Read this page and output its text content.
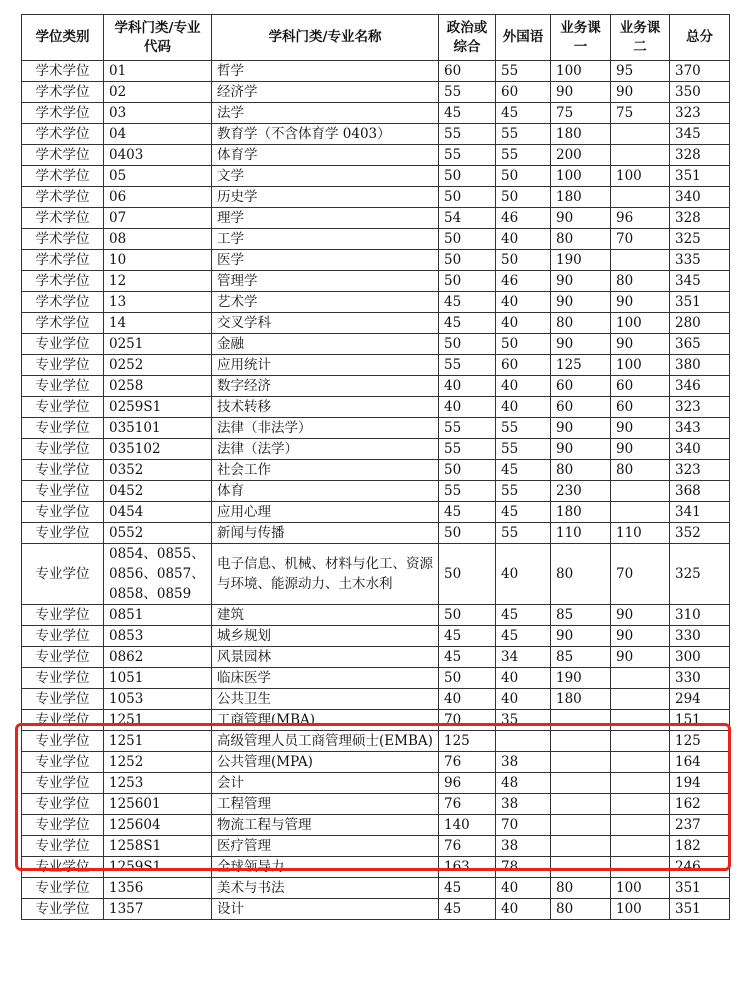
学位类别	学科门类/专业代码	学科门类/专业名称	政治或综合	外国语	业务课一	业务课二	总分
学术学位	01	哲学	60	55	100	95	370
学术学位	02	经济学	55	60	90	90	350
学术学位	03	法学	45	45	75	75	323
学术学位	04	教育学（不含体育学 0403）	55	55	180		345
学术学位	0403	体育学	55	55	200		328
学术学位	05	文学	50	50	100	100	351
学术学位	06	历史学	50	50	180		340
学术学位	07	理学	54	46	90	96	328
学术学位	08	工学	50	40	80	70	325
学术学位	10	医学	50	50	190		335
学术学位	12	管理学	50	46	90	80	345
学术学位	13	艺术学	45	40	90	90	351
学术学位	14	交叉学科	45	40	80	100	280
专业学位	0251	金融	50	50	90	90	365
专业学位	0252	应用统计	55	60	125	100	380
专业学位	0258	数字经济	40	40	60	60	346
专业学位	0259S1	技术转移	40	40	60	60	323
专业学位	035101	法律（非法学）	55	55	90	90	343
专业学位	035102	法律（法学）	55	55	90	90	340
专业学位	0352	社会工作	50	45	80	80	323
专业学位	0452	体育	55	55	230		368
专业学位	0454	应用心理	45	45	180		341
专业学位	0552	新闻与传播	50	55	110	110	352
专业学位	0854、0855、0856、0857、0858、0859	电子信息、机械、材料与化工、资源与环境、能源动力、土木水利	50	40	80	70	325
专业学位	0851	建筑	50	45	85	90	310
专业学位	0853	城乡规划	45	45	90	90	330
专业学位	0862	风景园林	45	34	85	90	300
专业学位	1051	临床医学	50	40	190		330
专业学位	1053	公共卫生	40	40	180		294
专业学位	1251	工商管理(MBA)	70	35			151
专业学位	1251	高级管理人员工商管理硕士(EMBA)	125				125
专业学位	1252	公共管理(MPA)	76	38			164
专业学位	1253	会计	96	48			194
专业学位	125601	工程管理	76	38			162
专业学位	125604	物流工程与管理	140	70			237
专业学位	1258S1	医疗管理	76	38			182
专业学位	1259S1	全球领导力	163	78			246
专业学位	1356	美术与书法	45	40	80	100	351
专业学位	1357	设计	45	40	80	100	351
